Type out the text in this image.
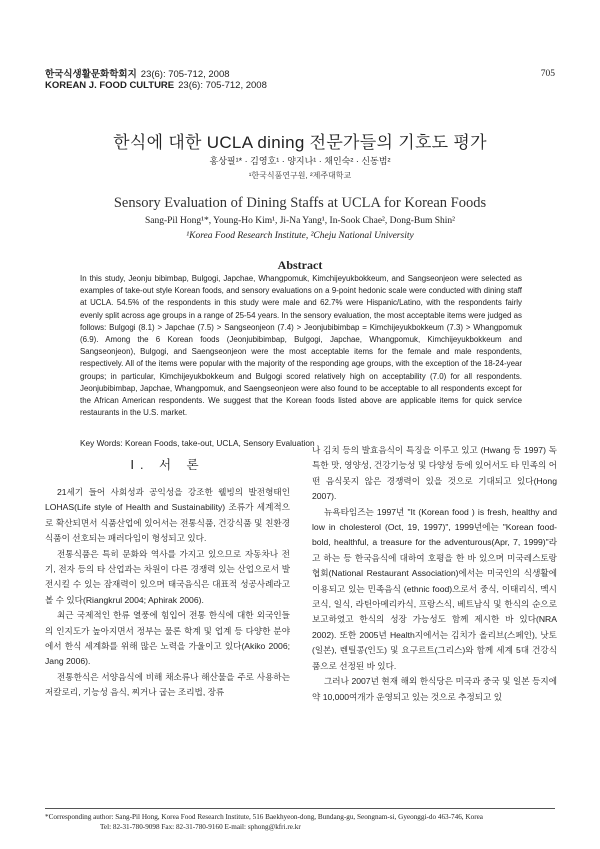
한국식생활문화학회지 23(6): 705-712, 2008
KOREAN J. FOOD CULTURE 23(6): 705-712, 2008
705
한식에 대한 UCLA dining 전문가들의 기호도 평가
홍상필¹* · 김영호¹ · 양지나¹ · 채인숙² · 신동범²
¹한국식품연구원, ²제주대학교
Sensory Evaluation of Dining Staffs at UCLA for Korean Foods
Sang-Pil Hong¹*, Young-Ho Kim¹, Ji-Na Yang¹, In-Sook Chae², Dong-Bum Shin²
¹Korea Food Research Institute, ²Cheju National University
Abstract
In this study, Jeonju bibimbap, Bulgogi, Japchae, Whangpomuk, Kimchijeyukbokkeum, and Sangseonjeon were selected as examples of take-out style Korean foods, and sensory evaluations on a 9-point hedonic scale were conducted with dining staff at UCLA. 54.5% of the respondents in this study were male and 62.7% were Hispanic/Latino, with the respondents fairly evenly split across age groups in a range of 25-54 years. In the sensory evaluation, the most acceptable items were judged as follows: Bulgogi (8.1) > Japchae (7.5) > Sangseonjeon (7.4) > Jeonjubibimbap = Kimchijeyukbokkeum (7.3) > Whangpomuk (6.9). Among the 6 Korean foods (Jeonjubibimbap, Bulgogi, Japchae, Whangpomuk, Kimchijeyukbokkeum and Sangseonjeon), Bulgogi, and Saengseonjeon were the most acceptable items for the female and male respondents, respectively. All of the items were popular with the majority of the responding age groups, with the exception of the 18-24-year groups; in particular, Kimchijeyukbokkeum and Bulgogi scored relatively high on acceptability (7.0) for all respondents. Jeonjubibimbap, Japchae, Whangpomuk, and Saengseonjeon were also found to be acceptable to all respondents except for the African American respondents. We suggest that the Korean foods listed above are applicable items for quick service restaurants in the U.S. market.
Key Words: Korean Foods, take-out, UCLA, Sensory Evaluation
Ⅰ. 서 론

21세기 들어 사회성과 공익성을 강조한 웰빙의 발전형태인 LOHAS(Life style of Health and Sustainability) 조류가 세계적으로 확산되면서 식품산업에 있어서는 전통식품, 건강식품 및 친환경식품이 선호되는 패러다임이 형성되고 있다.

전통식품은 특히 문화와 역사를 가지고 있으므로 자동차나 전기, 전자 등의 타 산업과는 차원이 다른 경쟁력 있는 산업으로서 발전시킬 수 있는 잠재력이 있으며 태국음식은 대표적 성공사례라고 볼 수 있다(Riangkrul 2004; Aphirak 2006).

최근 국제적인 한류 열풍에 힘입어 전통 한식에 대한 외국인들의 인지도가 높아지면서 정부는 물론 학계 및 업계 등 다양한 분야에서 한식 세계화를 위해 많은 노력을 가울이고 있다(Akiko 2006; Jang 2006).

전통한식은 서양음식에 비해 채소류나 해산물을 주로 사용하는 저칼로리, 기능성 음식, 찌거나 굽는 조리법, 장류

나 김치 등의 발효음식이 특징을 이루고 있고 (Hwang 등 1997) 독특한 맛, 영양성, 건강기능성 및 다양성 등에 있어서도 타 민족의 어떤 음식못지 않은 경쟁력이 있을 것으로 기대되고 있다(Hong 2007).

뉴욕타임즈는 1997년 "It (Korean food ) is fresh, healthy and low in cholesterol (Oct, 19, 1997)", 1999년에는 "Korean food-bold, healthful, a treasure for the adventurous(Apr, 7, 1999)"라고 하는 등 한국음식에 대하여 호평을 한 바 있으며 미국레스토랑협회(National Restaurant Association)에서는 미국인의 식생활에 이용되고 있는 민족음식 (ethnic food)으로서 중식, 이태리식, 멕시코식, 일식, 라틴아메리카식, 프랑스식, 베트남식 및 한식의 순으로 보고하였고 한식의 성장 가능성도 함께 제시한 바 있다(NRA 2002). 또한 2005년 Health지에서는 김치가 올리브(스페인), 낫토(일본), 렌틸콩(인도) 및 요구르트(그리스)와 함께 세계 5대 건강식품으로 선정된 바 있다.

그러나 2007년 현재 해외 한식당은 미국과 중국 및 일본 등지에 약 10,000여개가 운영되고 있는 것으로 추정되고 있

*Corresponding author: Sang-Pil Hong, Korea Food Research Institute, 516 Baekhyeon-dong, Bundang-gu, Seongnam-si, Gyeonggi-do 463-746, Korea
Tel: 82-31-780-9098 Fax: 82-31-780-9160 E-mail: sphong@kfri.re.kr
